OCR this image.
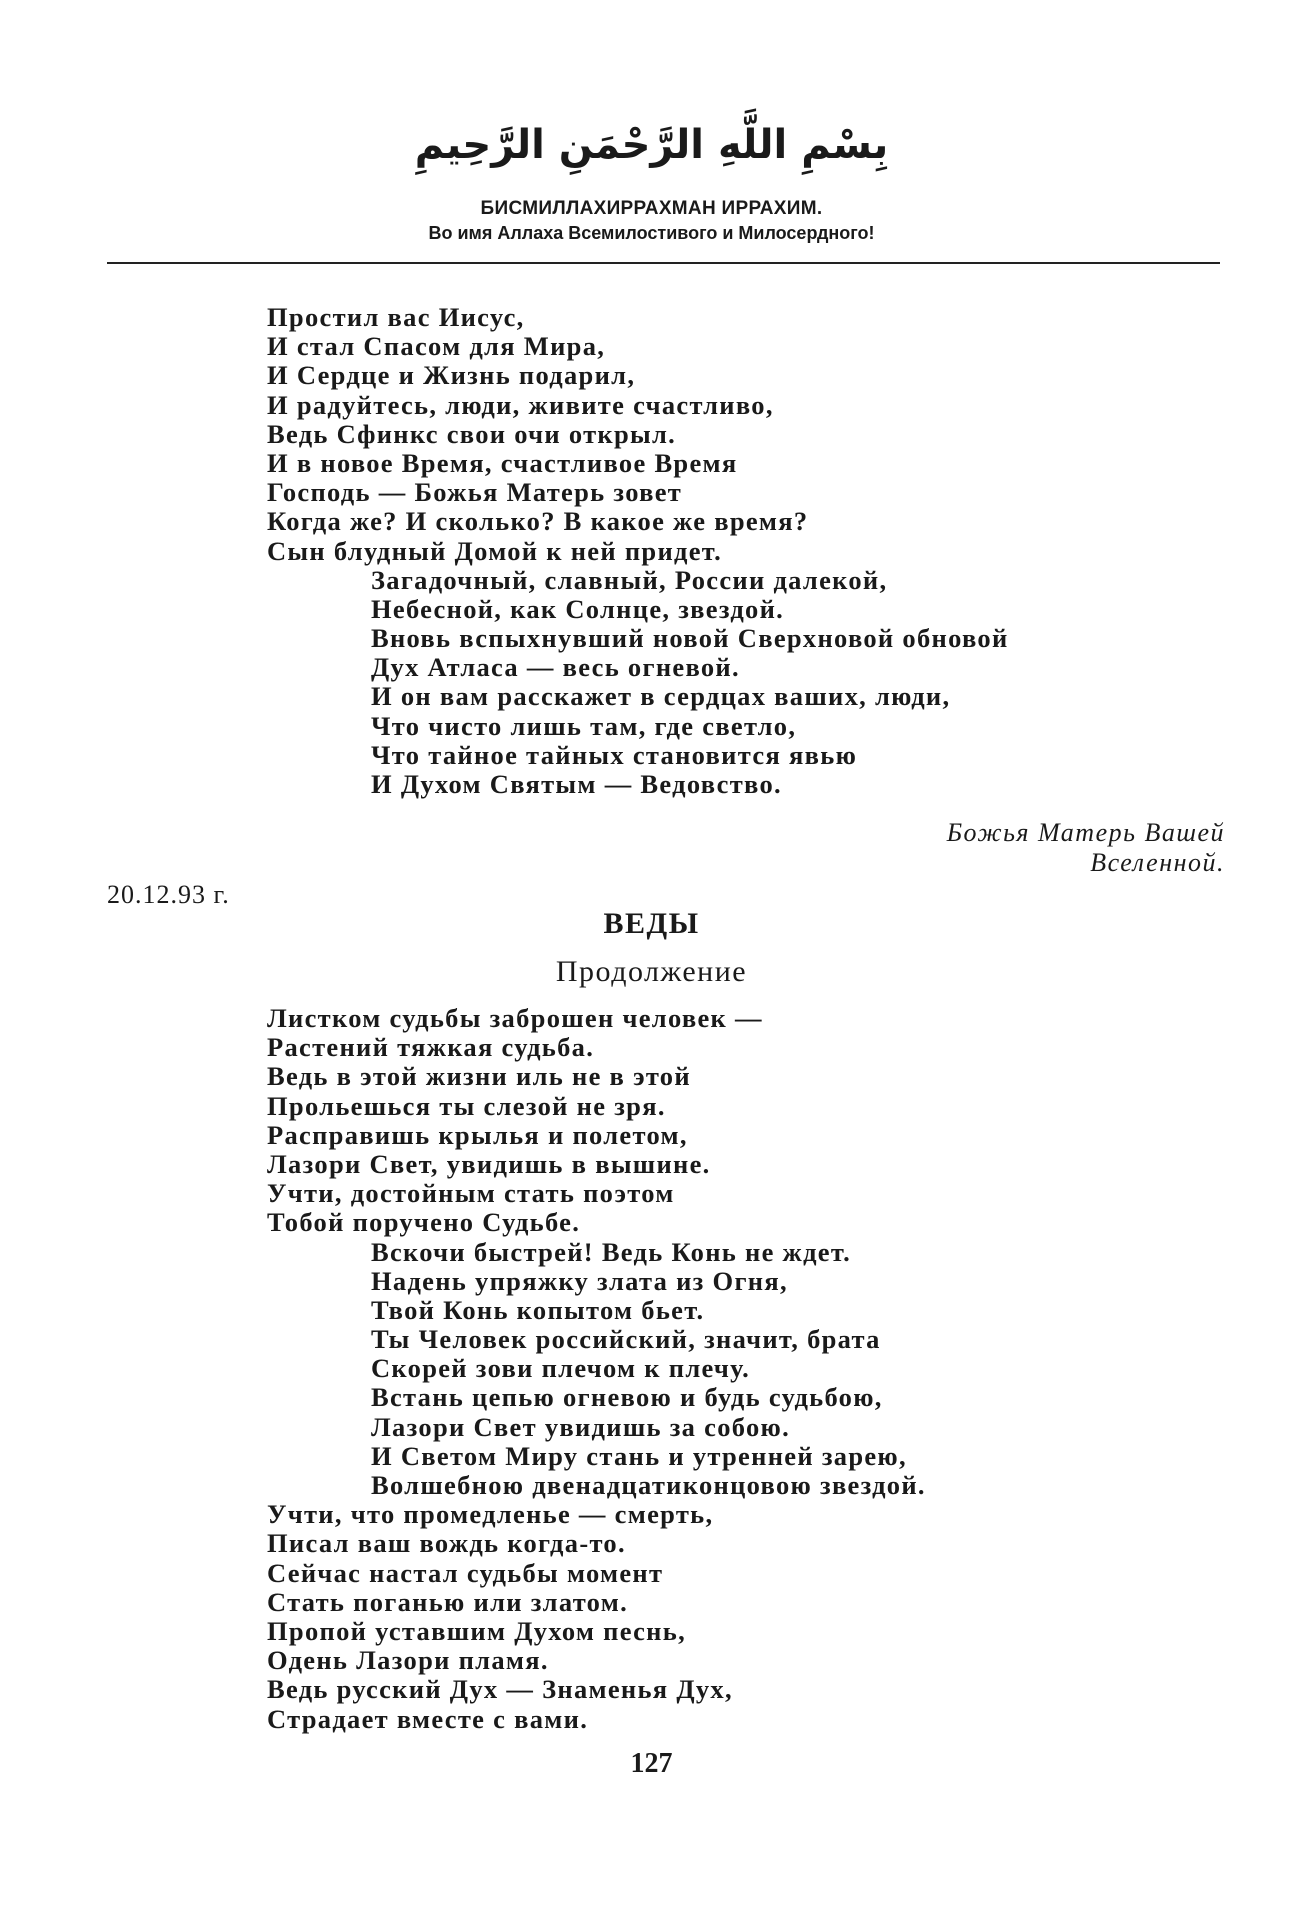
بِسْمِ اللَّهِ الرَّحْمَنِ الرَّحِيمِ
БИСМИЛЛАХИРРАХМАН ИРРАХИМ.
Во имя Аллаха Всемилостивого и Милосердного!
Простил вас Иисус,
И стал Спасом для Мира,
И Сердце и Жизнь подарил,
И радуйтесь, люди, живите счастливо,
Ведь Сфинкс свои очи открыл.
И в новое Время, счастливое Время
Господь — Божья Матерь зовет
Когда же? И сколько? В какое же время?
Сын блудный Домой к ней придет.
Загадочный, славный, России далекой,
Небесной, как Солнце, звездой.
Вновь вспыхнувший новой Сверхновой обновой
Дух Атласа — весь огневой.
И он вам расскажет в сердцах ваших, люди,
Что чисто лишь там, где светло,
Что тайное тайных становится явью
И Духом Святым — Ведовство.
Божья Матерь Вашей
Вселенной.
20.12.93 г.
ВЕДЫ
Продолжение
Листком судьбы заброшен человек —
Растений тяжкая судьба.
Ведь в этой жизни иль не в этой
Прольешься ты слезой не зря.
Расправишь крылья и полетом,
Лазори Свет, увидишь в вышине.
Учти, достойным стать поэтом
Тобой поручено Судьбе.
Вскочи быстрей! Ведь Конь не ждет.
Надень упряжку злата из Огня,
Твой Конь копытом бьет.
Ты Человек российский, значит, брата
Скорей зови плечом к плечу.
Встань цепью огневою и будь судьбою,
Лазори Свет увидишь за собою.
И Светом Миру стань и утренней зарею,
Волшебною двенадцатиконцовою звездой.
Учти, что промедленье — смерть,
Писал ваш вождь когда-то.
Сейчас настал судьбы момент
Стать поганью или златом.
Пропой уставшим Духом песнь,
Одень Лазори пламя.
Ведь русский Дух — Знаменья Дух,
Страдает вместе с вами.
127
